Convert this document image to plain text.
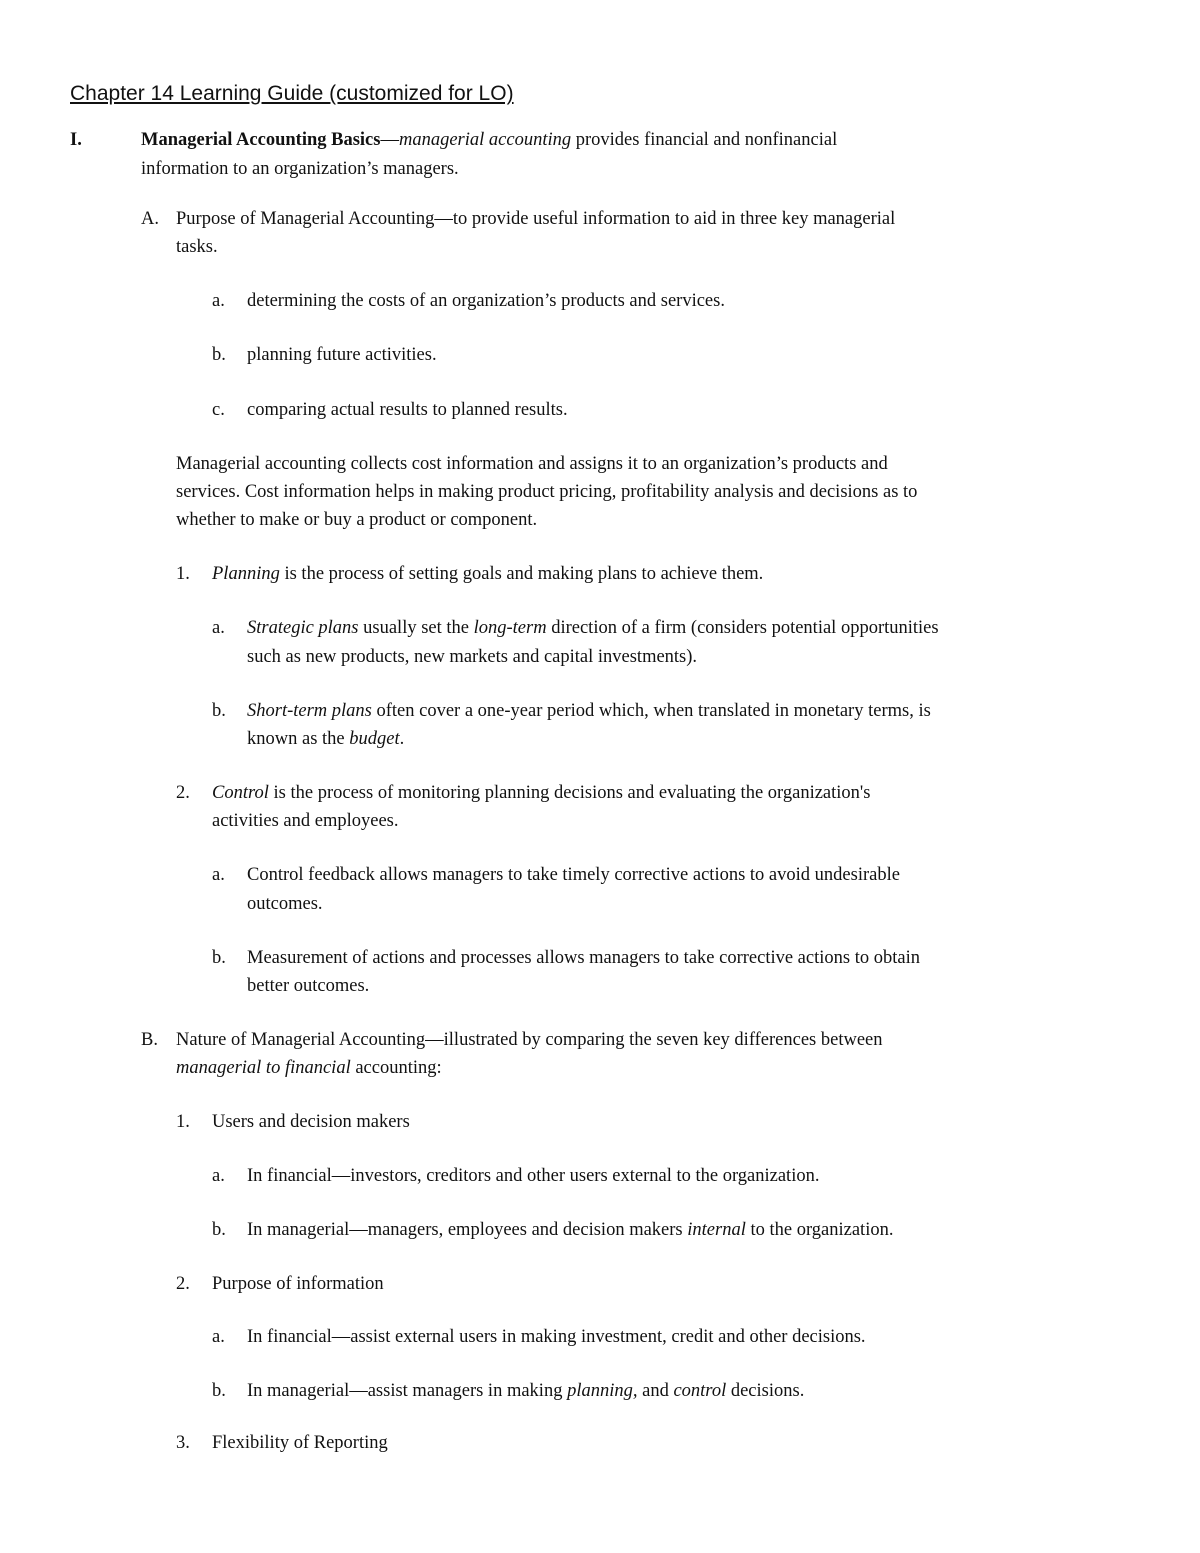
Chapter 14 Learning Guide (customized for LO)
I.	Managerial Accounting Basics—managerial accounting provides financial and nonfinancial
information to an organization’s managers.
A. Purpose of Managerial Accounting—to provide useful information to aid in three key managerial
tasks.
a. determining the costs of an organization’s products and services.
b. planning future activities.
c. comparing actual results to planned results.
Managerial accounting collects cost information and assigns it to an organization’s products and
services. Cost information helps in making product pricing, profitability analysis and decisions as to
whether to make or buy a product or component.
1. Planning is the process of setting goals and making plans to achieve them.
a. Strategic plans usually set the long-term direction of a firm (considers potential opportunities
such as new products, new markets and capital investments).
b. Short-term plans often cover a one-year period which, when translated in monetary terms, is
known as the budget.
2. Control is the process of monitoring planning decisions and evaluating the organization's
activities and employees.
a. Control feedback allows managers to take timely corrective actions to avoid undesirable
outcomes.
b. Measurement of actions and processes allows managers to take corrective actions to obtain
better outcomes.
B. Nature of Managerial Accounting—illustrated by comparing the seven key differences between
managerial to financial accounting:
1. Users and decision makers
a. In financial—investors, creditors and other users external to the organization.
b. In managerial—managers, employees and decision makers internal to the organization.
2. Purpose of information
a. In financial—assist external users in making investment, credit and other decisions.
b. In managerial—assist managers in making planning, and control decisions.
3. Flexibility of Reporting
